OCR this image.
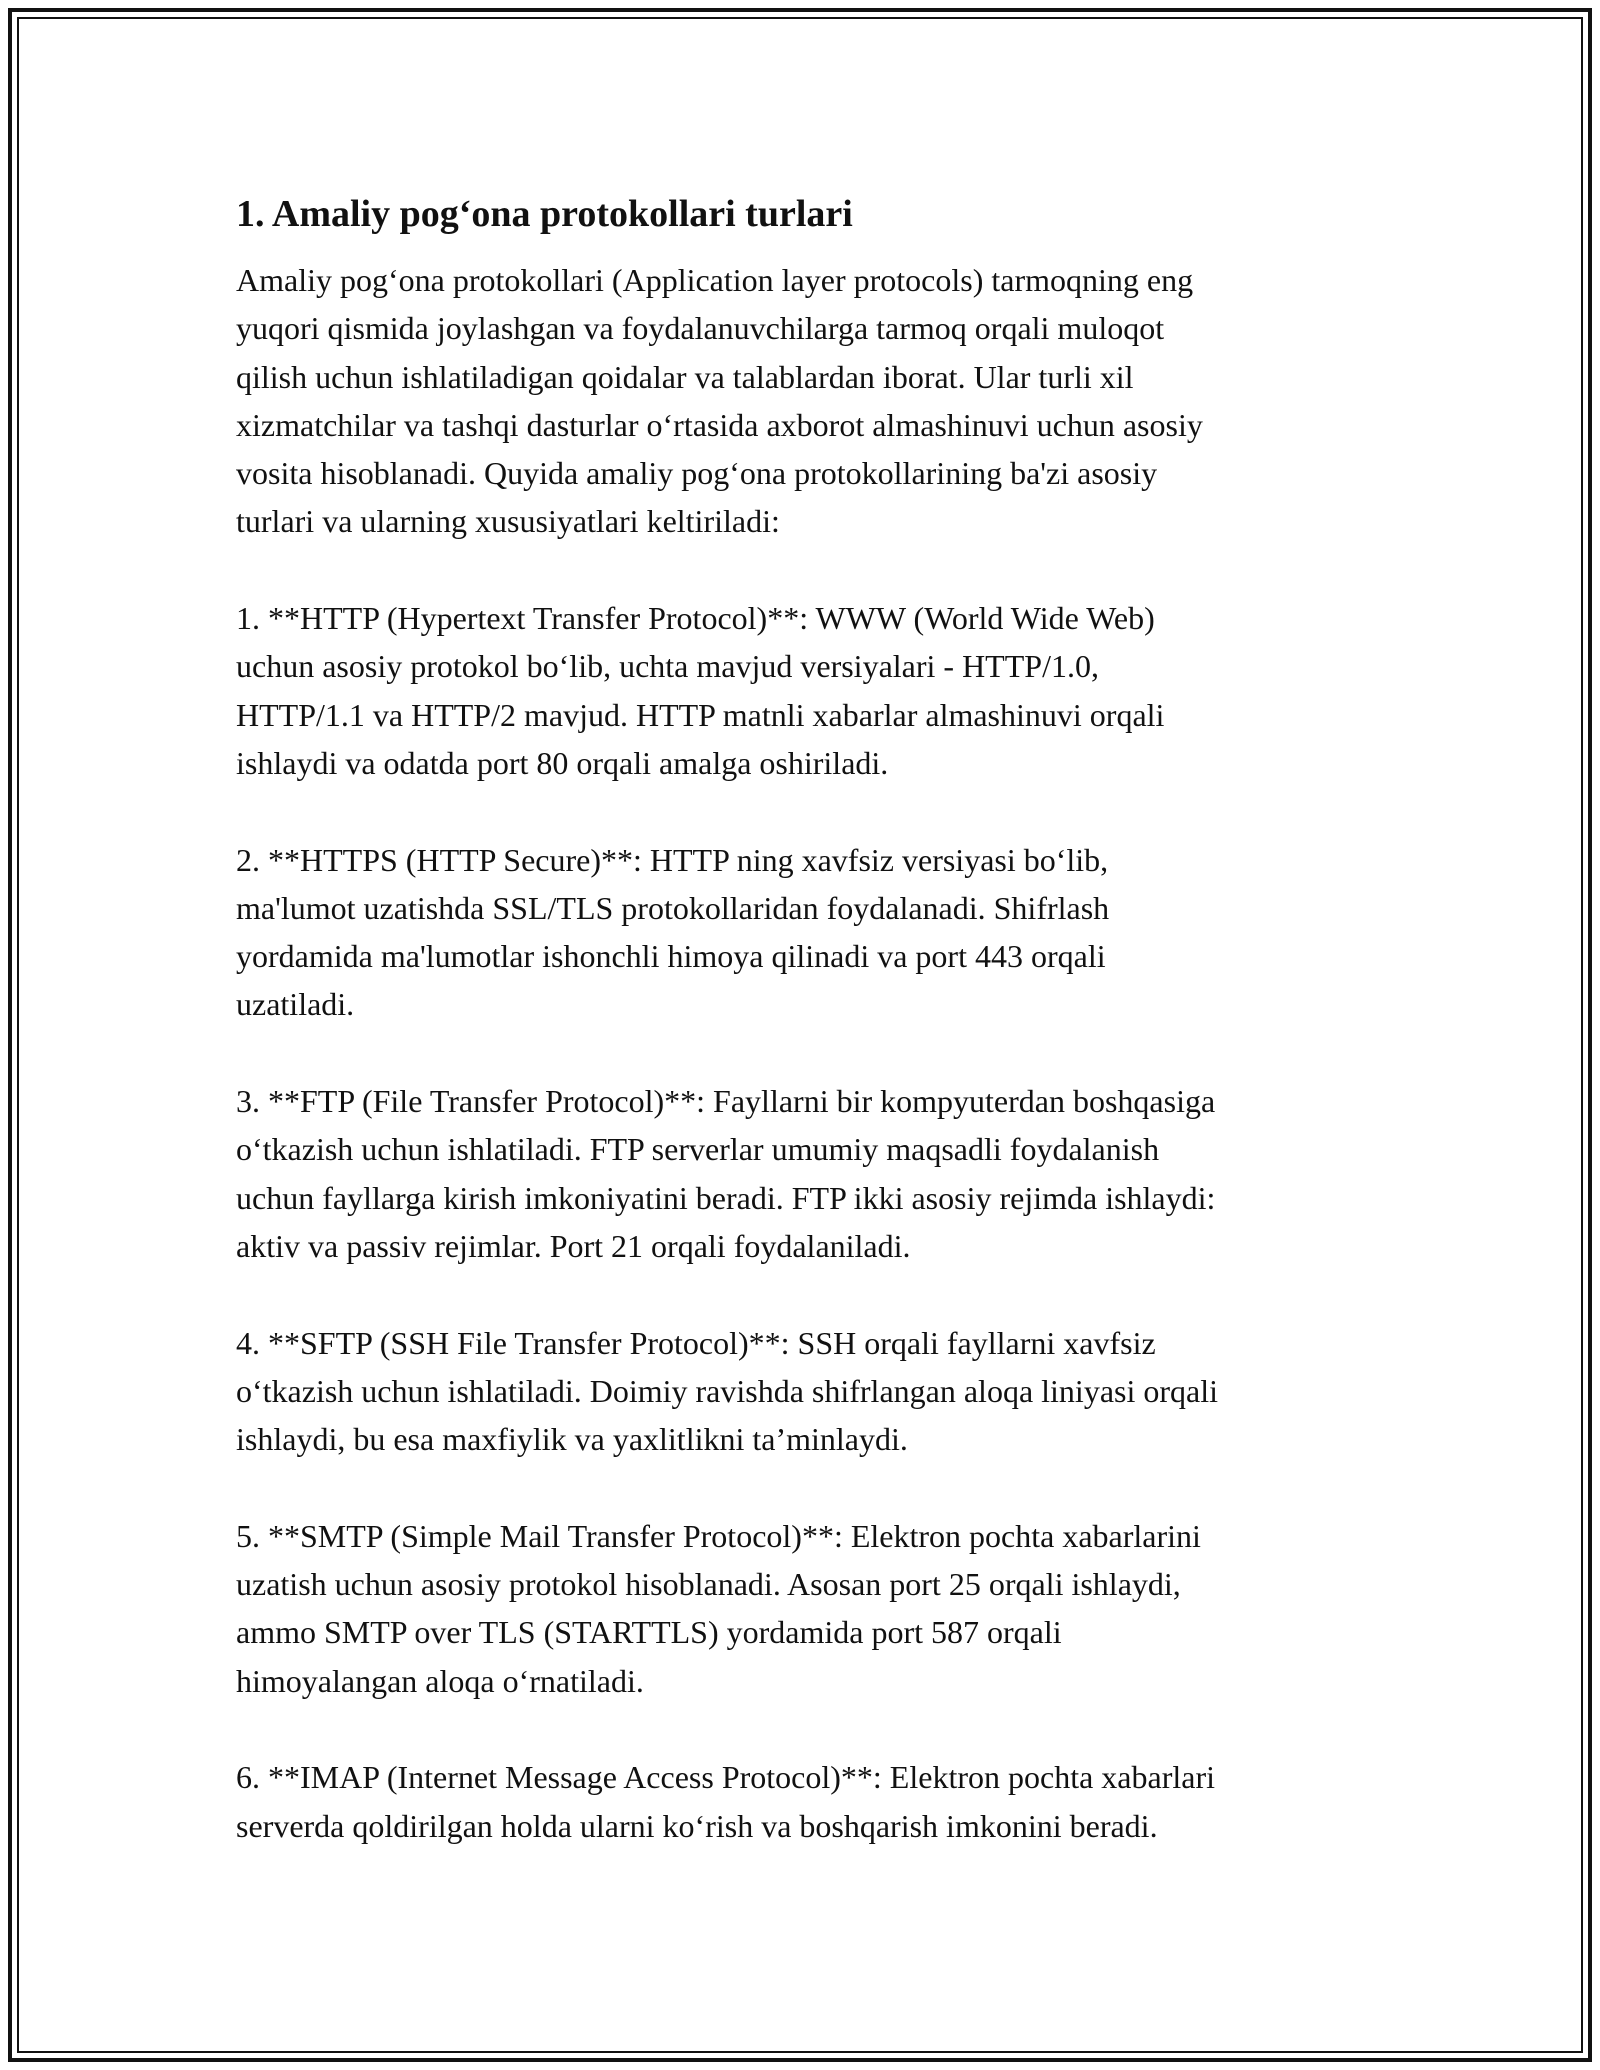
1. Amaliy pog‘ona protokollari turlari

Amaliy pog‘ona protokollari (Application layer protocols) tarmoqning eng
yuqori qismida joylashgan va foydalanuvchilarga tarmoq orqali muloqot
qilish uchun ishlatiladigan qoidalar va talablardan iborat. Ular turli xil
xizmatchilar va tashqi dasturlar o‘rtasida axborot almashinuvi uchun asosiy
vosita hisoblanadi. Quyida amaliy pog‘ona protokollarining ba'zi asosiy
turlari va ularning xususiyatlari keltiriladi:

1. **HTTP (Hypertext Transfer Protocol)**: WWW (World Wide Web)
uchun asosiy protokol bo‘lib, uchta mavjud versiyalari - HTTP/1.0,
HTTP/1.1 va HTTP/2 mavjud. HTTP matnli xabarlar almashinuvi orqali
ishlaydi va odatda port 80 orqali amalga oshiriladi.

2. **HTTPS (HTTP Secure)**: HTTP ning xavfsiz versiyasi bo‘lib,
ma'lumot uzatishda SSL/TLS protokollaridan foydalanadi. Shifrlash
yordamida ma'lumotlar ishonchli himoya qilinadi va port 443 orqali
uzatiladi.

3. **FTP (File Transfer Protocol)**: Fayllarni bir kompyuterdan boshqasiga
o‘tkazish uchun ishlatiladi. FTP serverlar umumiy maqsadli foydalanish
uchun fayllarga kirish imkoniyatini beradi. FTP ikki asosiy rejimda ishlaydi:
aktiv va passiv rejimlar. Port 21 orqali foydalaniladi.

4. **SFTP (SSH File Transfer Protocol)**: SSH orqali fayllarni xavfsiz
o‘tkazish uchun ishlatiladi. Doimiy ravishda shifrlangan aloqa liniyasi orqali
ishlaydi, bu esa maxfiylik va yaxlitlikni ta’minlaydi.

5. **SMTP (Simple Mail Transfer Protocol)**: Elektron pochta xabarlarini
uzatish uchun asosiy protokol hisoblanadi. Asosan port 25 orqali ishlaydi,
ammo SMTP over TLS (STARTTLS) yordamida port 587 orqali
himoyalangan aloqa o‘rnatiladi.

6. **IMAP (Internet Message Access Protocol)**: Elektron pochta xabarlari
serverda qoldirilgan holda ularni ko‘rish va boshqarish imkonini beradi.
